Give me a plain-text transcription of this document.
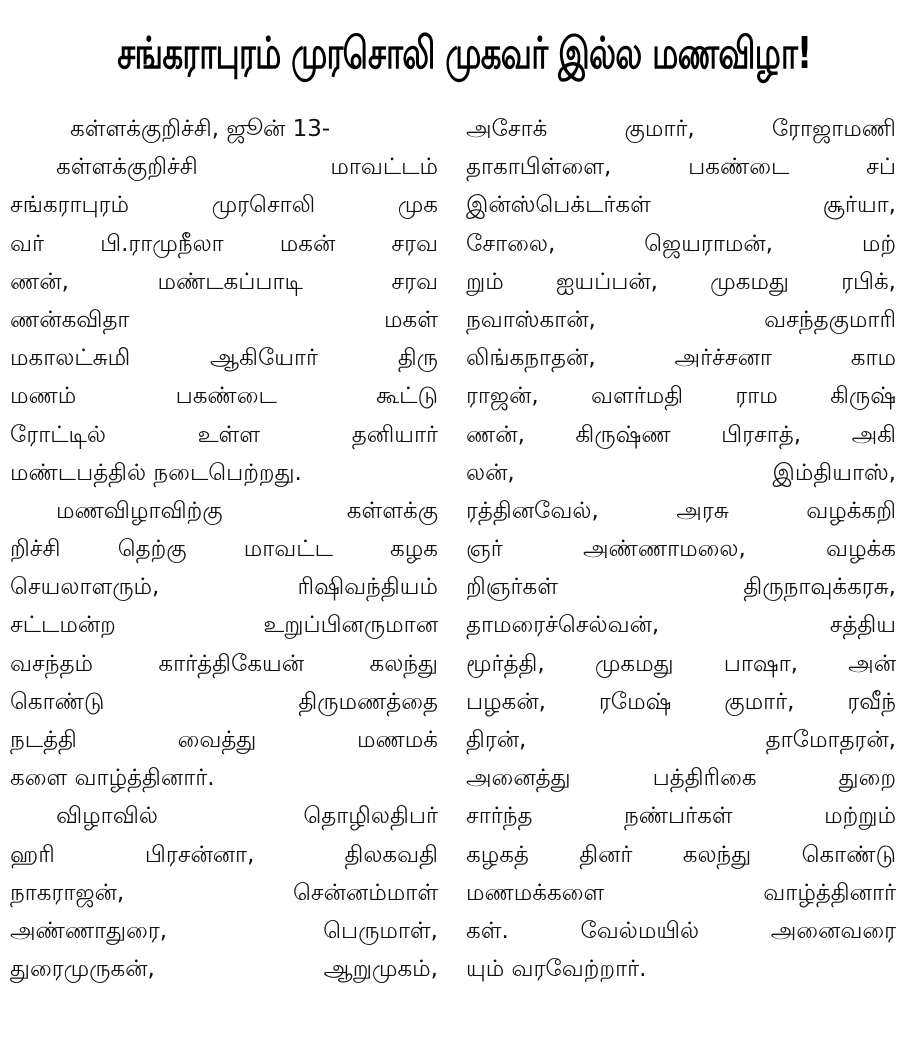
சங்கராபுரம் முரசொலி முகவர் இல்ல மணவிழா!
கள்ளக்குறிச்சி, ஜூன் 13-
கள்ளக்குறிச்சி மாவட்டம்
சங்கராபுரம் முரசொலி முக
வர் பி.ராமுநீலா மகன் சரவ
ணன், மண்டகப்பாடி சரவ
ணன்கவிதா மகள்
மகாலட்சுமி ஆகியோர் திரு
மணம் பகண்டை கூட்டு
ரோட்டில் உள்ள தனியார்
மண்டபத்தில் நடைபெற்றது.
மணவிழாவிற்கு கள்ளக்கு
றிச்சி தெற்கு மாவட்ட கழக
செயலாளரும், ரிஷிவந்தியம்
சட்டமன்ற உறுப்பினருமான
வசந்தம் கார்த்திகேயன் கலந்து
கொண்டு திருமணத்தை
நடத்தி வைத்து மணமக்
களை வாழ்த்தினார்.
விழாவில் தொழிலதிபர்
ஹரி பிரசன்னா, திலகவதி
நாகராஜன், சென்னம்மாள்
அண்ணாதுரை, பெருமாள்,
துரைமுருகன், ஆறுமுகம்,
அசோக் குமார், ரோஜாமணி
தாகாபிள்ளை, பகண்டை சப்
இன்ஸ்பெக்டர்கள் சூர்யா,
சோலை, ஜெயராமன், மற்
றும் ஐயப்பன், முகமது ரபிக்,
நவாஸ்கான், வசந்தகுமாரி
லிங்கநாதன், அர்ச்சனா காம
ராஜன், வளர்மதி ராம கிருஷ்
ணன், கிருஷ்ண பிரசாத், அகி
லன், இம்தியாஸ்,
ரத்தினவேல், அரசு வழக்கறி
ஞர் அண்ணாமலை, வழக்க
றிஞர்கள் திருநாவுக்கரசு,
தாமரைச்செல்வன், சத்திய
மூர்த்தி, முகமது பாஷா, அன்
பழகன், ரமேஷ் குமார், ரவீந்
திரன், தாமோதரன்,
அனைத்து பத்திரிகை துறை
சார்ந்த நண்பர்கள் மற்றும்
கழகத் தினர் கலந்து கொண்டு
மணமக்களை வாழ்த்தினார்
கள். வேல்மயில் அனைவரை
யும் வரவேற்றார்.
